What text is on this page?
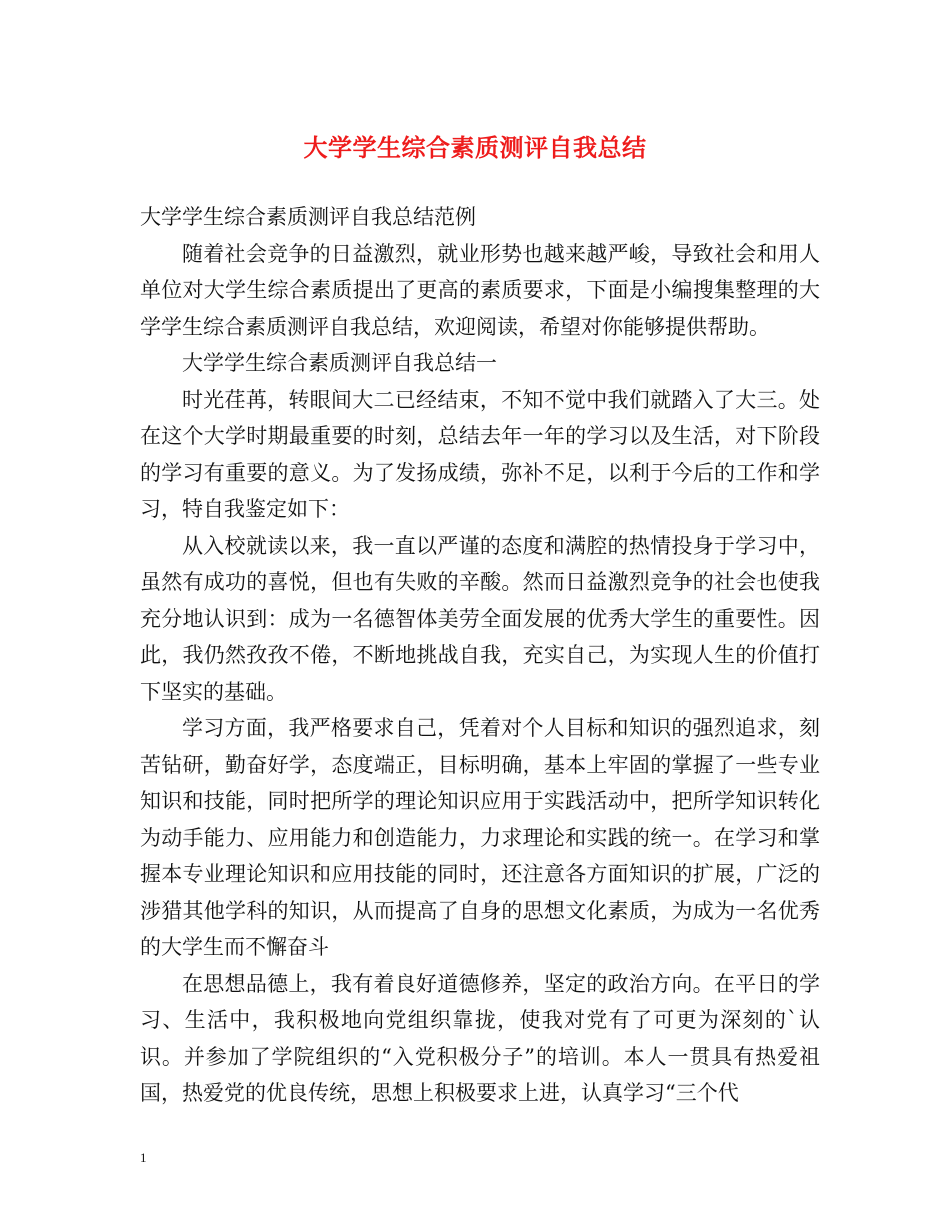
大学学生综合素质测评自我总结

大学学生综合素质测评自我总结范例

随着社会竞争的日益激烈，就业形势也越来越严峻，导致社会和用人单位对大学生综合素质提出了更高的素质要求，下面是小编搜集整理的大学学生综合素质测评自我总结，欢迎阅读，希望对你能够提供帮助。

大学学生综合素质测评自我总结一

时光荏苒，转眼间大二已经结束，不知不觉中我们就踏入了大三。处在这个大学时期最重要的时刻，总结去年一年的学习以及生活，对下阶段的学习有重要的意义。为了发扬成绩，弥补不足，以利于今后的工作和学习，特自我鉴定如下：

从入校就读以来，我一直以严谨的态度和满腔的热情投身于学习中，虽然有成功的喜悦，但也有失败的辛酸。然而日益激烈竞争的社会也使我充分地认识到：成为一名德智体美劳全面发展的优秀大学生的重要性。因此，我仍然孜孜不倦，不断地挑战自我，充实自己，为实现人生的价值打下坚实的基础。

学习方面，我严格要求自己，凭着对个人目标和知识的强烈追求，刻苦钻研，勤奋好学，态度端正，目标明确，基本上牢固的掌握了一些专业知识和技能，同时把所学的理论知识应用于实践活动中，把所学知识转化为动手能力、应用能力和创造能力，力求理论和实践的统一。在学习和掌握本专业理论知识和应用技能的同时，还注意各方面知识的扩展，广泛的涉猎其他学科的知识，从而提高了自身的思想文化素质，为成为一名优秀的大学生而不懈奋斗

在思想品德上，我有着良好道德修养，坚定的政治方向。在平日的学习、生活中，我积极地向党组织靠拢，使我对党有了可更为深刻的`认识。并参加了学院组织的“入党积极分子”的培训。本人一贯具有热爱祖国，热爱党的优良传统，思想上积极要求上进，认真学习“三个代

1
